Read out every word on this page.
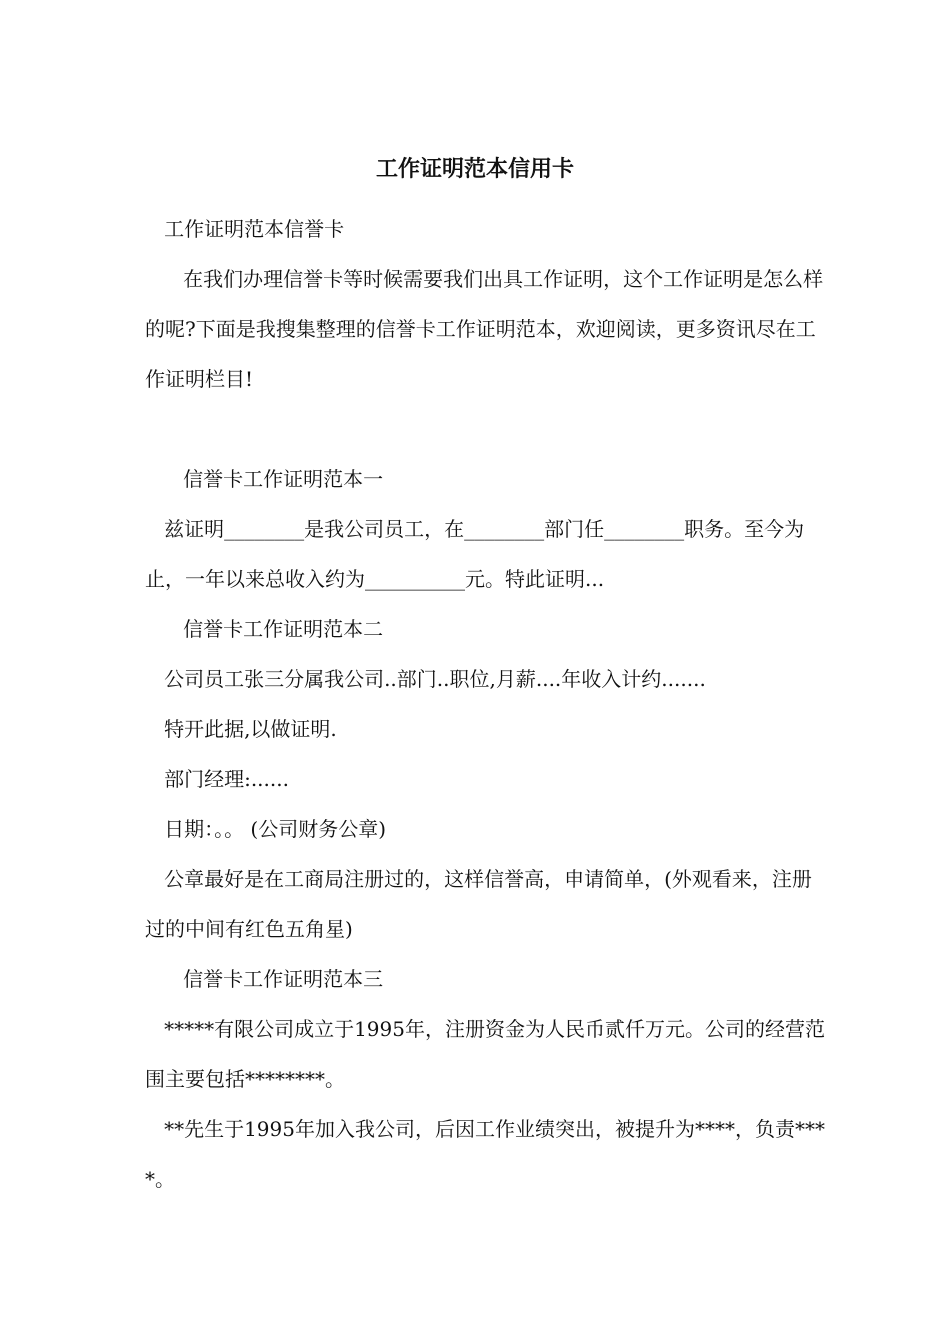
工作证明范本信用卡

工作证明范本信誉卡

在我们办理信誉卡等时候需要我们出具工作证明，这个工作证明是怎么样的呢?下面是我搜集整理的信誉卡工作证明范本，欢迎阅读，更多资讯尽在工作证明栏目!

信誉卡工作证明范本一

兹证明________是我公司员工，在________部门任________职务。至今为止，一年以来总收入约为__________元。特此证明...

信誉卡工作证明范本二

公司员工张三分属我公司..部门..职位,月薪....年收入计约.......

特开此据,以做证明.

部门经理:......

日期：。。 (公司财务公章)

公章最好是在工商局注册过的，这样信誉高，申请简单，(外观看来，注册过的中间有红色五角星)

信誉卡工作证明范本三

*****有限公司成立于1995年，注册资金为人民币贰仟万元。公司的经营范围主要包括********。

**先生于1995年加入我公司，后因工作业绩突出，被提升为****，负责****。
